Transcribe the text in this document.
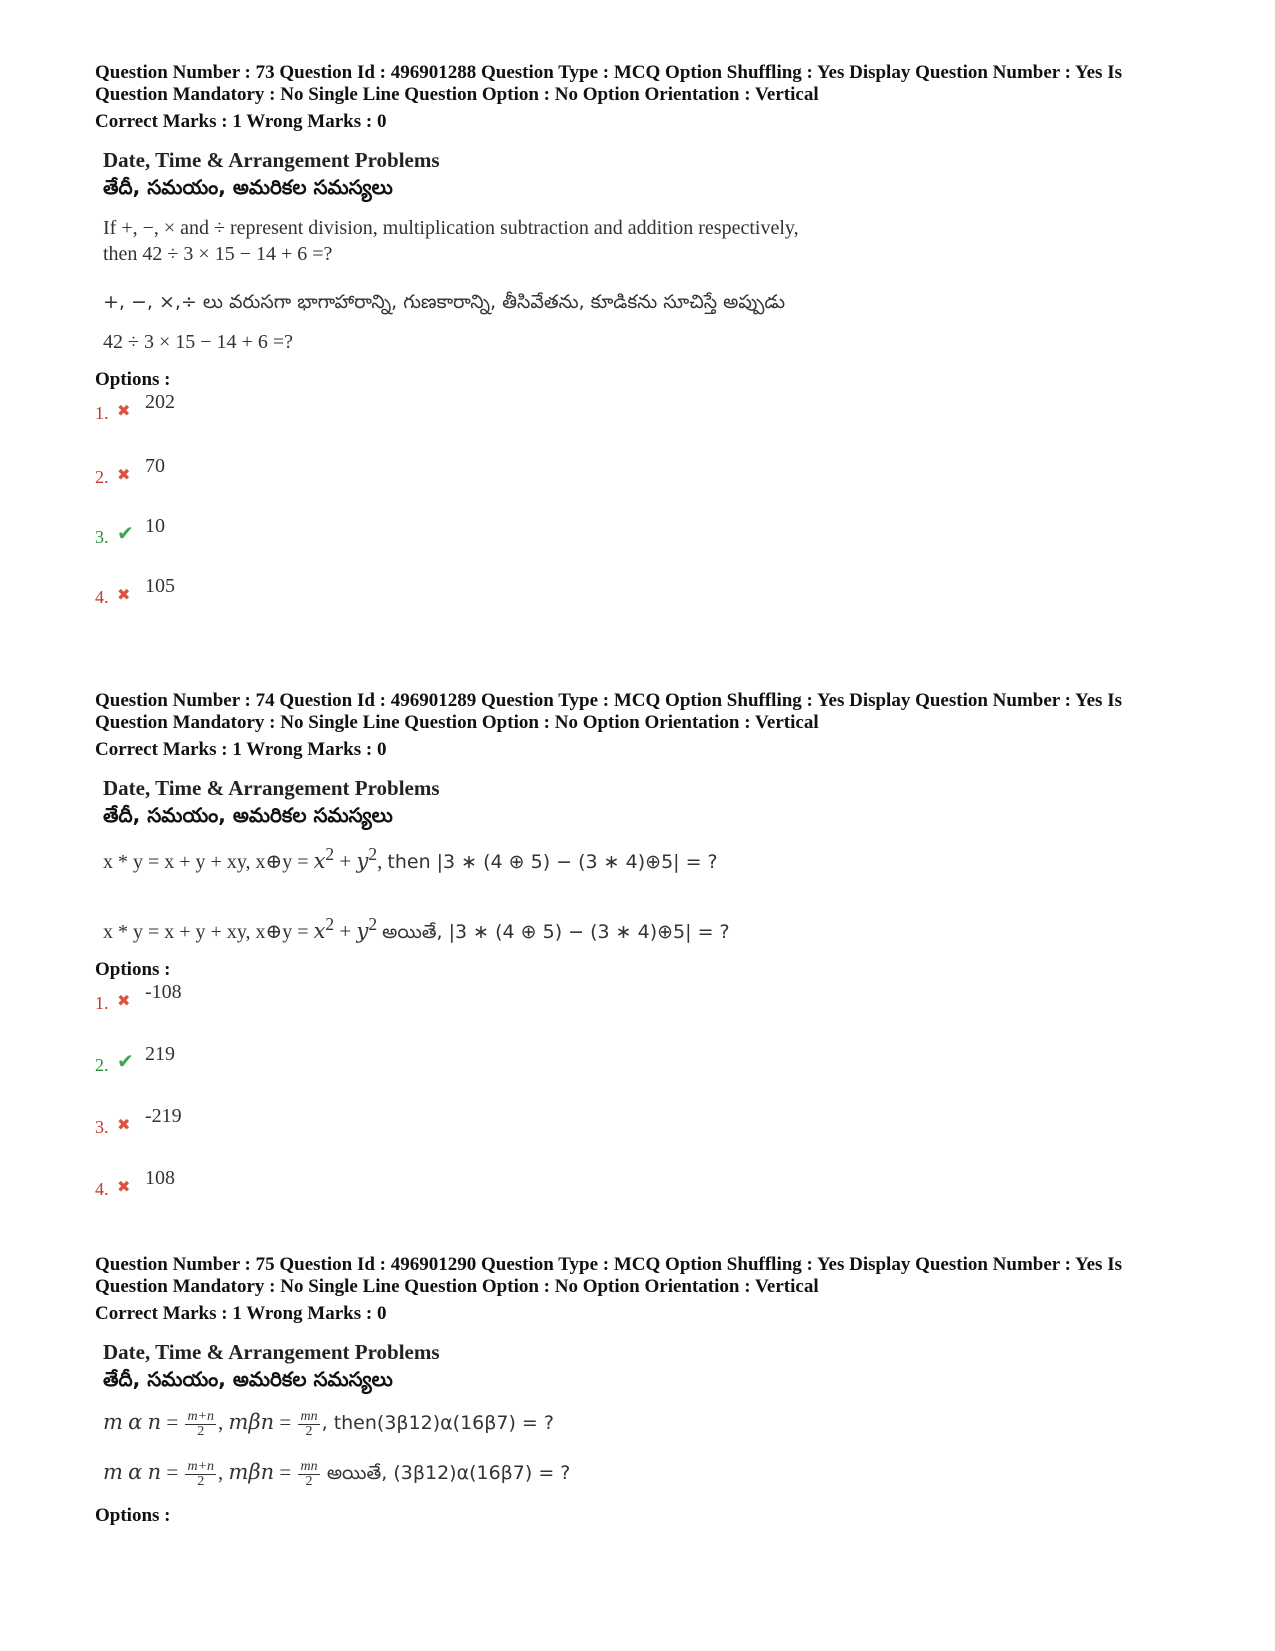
Question Number : 73 Question Id : 496901288 Question Type : MCQ Option Shuffling : Yes Display Question Number : Yes Is

Question Mandatory : No Single Line Question Option : No Option Orientation : Vertical

Correct Marks : 1 Wrong Marks : 0
Date, Time & Arrangement Problems
తేదీ, సమయం, అమరికల సమస్యలు
If +, −, × and ÷ represent division, multiplication subtraction and addition respectively,
then 42 ÷ 3 × 15 − 14 + 6 =?
+, −, ×,÷ లు వరుసగా భాగాహారాన్ని, గుణకారాన్ని, తీసివేతను, కూడికను సూచిస్తే అప్పుడు
42 ÷ 3 × 15 − 14 + 6 =?
Options :
1. ✖ 202
2. ✖ 70
3. ✔ 10
4. ✖ 105

Question Number : 74 Question Id : 496901289 Question Type : MCQ Option Shuffling : Yes Display Question Number : Yes Is

Question Mandatory : No Single Line Question Option : No Option Orientation : Vertical

Correct Marks : 1 Wrong Marks : 0
Date, Time & Arrangement Problems
తేదీ, సమయం, అమరికల సమస్యలు
x * y = x + y + xy, x⊕y = $x^2 + y^2$, then |3 ∗ (4 ⊕ 5) − (3 ∗ 4)⊕5| = ?
x * y = x + y + xy, x⊕y = $x^2 + y^2$ అయితే, |3 ∗ (4 ⊕ 5) − (3 ∗ 4)⊕5| = ?
Options :
1. ✖ -108
2. ✔ 219
3. ✖ -219
4. ✖ 108

Question Number : 75 Question Id : 496901290 Question Type : MCQ Option Shuffling : Yes Display Question Number : Yes Is

Question Mandatory : No Single Line Question Option : No Option Orientation : Vertical

Correct Marks : 1 Wrong Marks : 0
Date, Time & Arrangement Problems
తేదీ, సమయం, అమరికల సమస్యలు
m α $n = \frac{m+n}{2}$, $m\beta n = \frac{mn}{2}$ , then(3β12)α(16β7) = ?
m α $n = \frac{m+n}{2}$, $m\beta n = \frac{mn}{2}$ అయితే, (3β12)α(16β7) = ?
Options :
